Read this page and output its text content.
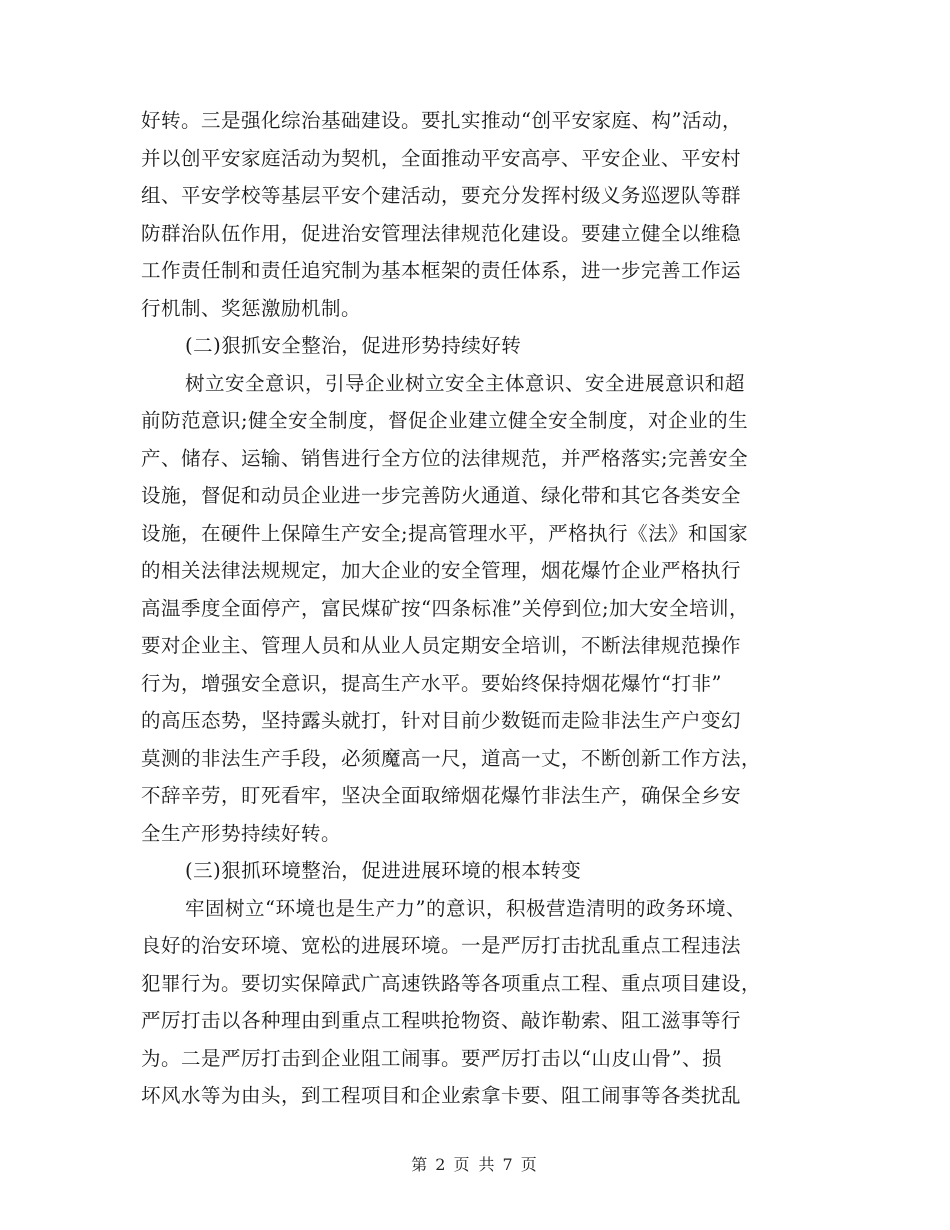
好转。三是强化综治基础建设。要扎实推动“创平安家庭、构”活动，
并以创平安家庭活动为契机，全面推动平安高亭、平安企业、平安村
组、平安学校等基层平安个建活动，要充分发挥村级义务巡逻队等群
防群治队伍作用，促进治安管理法律规范化建设。要建立健全以维稳
工作责任制和责任追究制为基本框架的责任体系，进一步完善工作运
行机制、奖惩激励机制。
(二)狠抓安全整治，促进形势持续好转
树立安全意识，引导企业树立安全主体意识、安全进展意识和超
前防范意识;健全安全制度，督促企业建立健全安全制度，对企业的生
产、储存、运输、销售进行全方位的法律规范，并严格落实;完善安全
设施，督促和动员企业进一步完善防火通道、绿化带和其它各类安全
设施，在硬件上保障生产安全;提高管理水平，严格执行《法》和国家
的相关法律法规规定，加大企业的安全管理，烟花爆竹企业严格执行
高温季度全面停产，富民煤矿按“四条标准”关停到位;加大安全培训，
要对企业主、管理人员和从业人员定期安全培训，不断法律规范操作
行为，增强安全意识，提高生产水平。要始终保持烟花爆竹“打非”
的高压态势，坚持露头就打，针对目前少数铤而走险非法生产户变幻
莫测的非法生产手段，必须魔高一尺，道高一丈，不断创新工作方法，
不辞辛劳，盯死看牢，坚决全面取缔烟花爆竹非法生产，确保全乡安
全生产形势持续好转。
(三)狠抓环境整治，促进进展环境的根本转变
牢固树立“环境也是生产力”的意识，积极营造清明的政务环境、
良好的治安环境、宽松的进展环境。一是严厉打击扰乱重点工程违法
犯罪行为。要切实保障武广高速铁路等各项重点工程、重点项目建设，
严厉打击以各种理由到重点工程哄抢物资、敲诈勒索、阻工滋事等行
为。二是严厉打击到企业阻工闹事。要严厉打击以“山皮山骨”、损
坏风水等为由头，到工程项目和企业索拿卡要、阻工闹事等各类扰乱
第 2 页 共 7 页
